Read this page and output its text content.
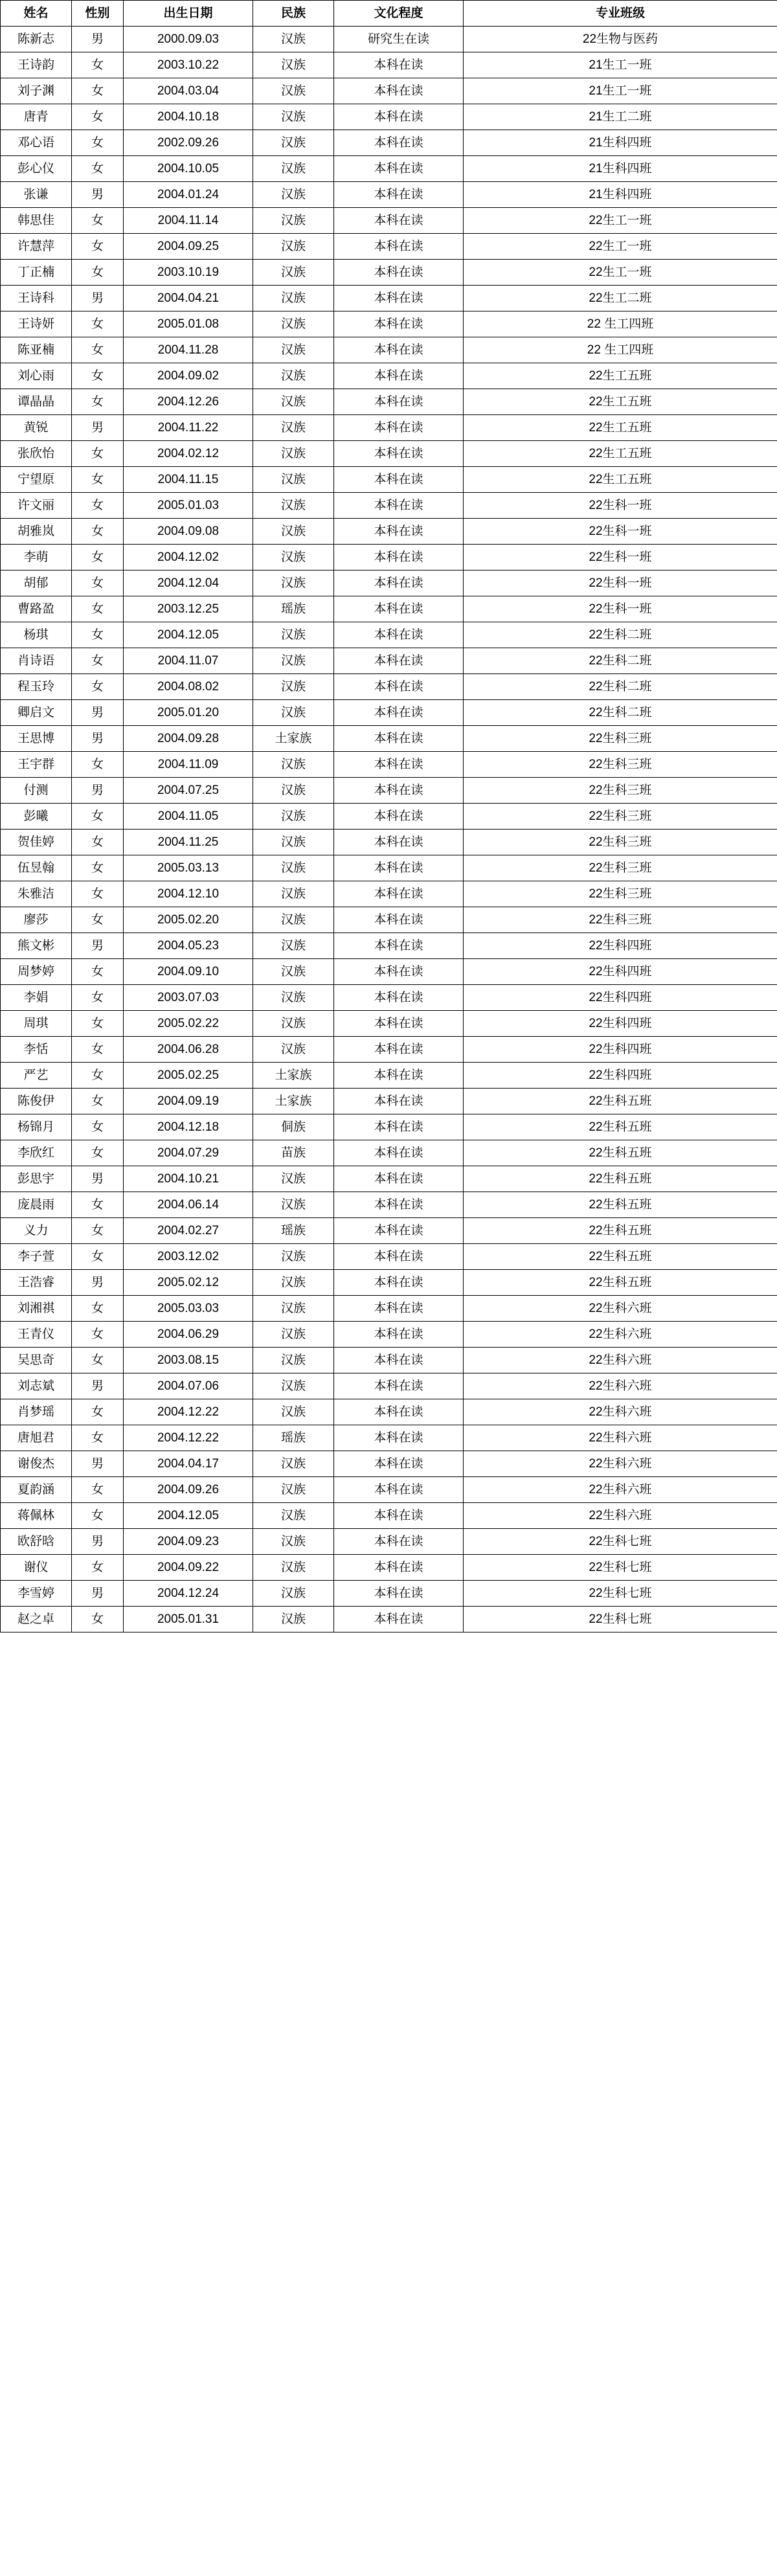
姓名	性别	出生日期	民族	文化程度	专业班级
陈新志	男	2000.09.03	汉族	研究生在读	22生物与医药
王诗韵	女	2003.10.22	汉族	本科在读	21生工一班
刘子渊	女	2004.03.04	汉族	本科在读	21生工一班
唐青	女	2004.10.18	汉族	本科在读	21生工二班
邓心语	女	2002.09.26	汉族	本科在读	21生科四班
彭心仪	女	2004.10.05	汉族	本科在读	21生科四班
张谦	男	2004.01.24	汉族	本科在读	21生科四班
韩思佳	女	2004.11.14	汉族	本科在读	22生工一班
许慧萍	女	2004.09.25	汉族	本科在读	22生工一班
丁正楠	女	2003.10.19	汉族	本科在读	22生工一班
王诗科	男	2004.04.21	汉族	本科在读	22生工二班
王诗妍	女	2005.01.08	汉族	本科在读	22 生工四班
陈亚楠	女	2004.11.28	汉族	本科在读	22 生工四班
刘心雨	女	2004.09.02	汉族	本科在读	22生工五班
谭晶晶	女	2004.12.26	汉族	本科在读	22生工五班
黄锐	男	2004.11.22	汉族	本科在读	22生工五班
张欣怡	女	2004.02.12	汉族	本科在读	22生工五班
宁望原	女	2004.11.15	汉族	本科在读	22生工五班
许文丽	女	2005.01.03	汉族	本科在读	22生科一班
胡雅岚	女	2004.09.08	汉族	本科在读	22生科一班
李萌	女	2004.12.02	汉族	本科在读	22生科一班
胡郁	女	2004.12.04	汉族	本科在读	22生科一班
曹路盈	女	2003.12.25	瑶族	本科在读	22生科一班
杨琪	女	2004.12.05	汉族	本科在读	22生科二班
肖诗语	女	2004.11.07	汉族	本科在读	22生科二班
程玉玲	女	2004.08.02	汉族	本科在读	22生科二班
卿启文	男	2005.01.20	汉族	本科在读	22生科二班
王思博	男	2004.09.28	土家族	本科在读	22生科三班
王宇群	女	2004.11.09	汉族	本科在读	22生科三班
付测	男	2004.07.25	汉族	本科在读	22生科三班
彭曦	女	2004.11.05	汉族	本科在读	22生科三班
贺佳婷	女	2004.11.25	汉族	本科在读	22生科三班
伍昱翰	女	2005.03.13	汉族	本科在读	22生科三班
朱雅洁	女	2004.12.10	汉族	本科在读	22生科三班
廖莎	女	2005.02.20	汉族	本科在读	22生科三班
熊文彬	男	2004.05.23	汉族	本科在读	22生科四班
周梦婷	女	2004.09.10	汉族	本科在读	22生科四班
李娟	女	2003.07.03	汉族	本科在读	22生科四班
周琪	女	2005.02.22	汉族	本科在读	22生科四班
李恬	女	2004.06.28	汉族	本科在读	22生科四班
严艺	女	2005.02.25	土家族	本科在读	22生科四班
陈俊伊	女	2004.09.19	土家族	本科在读	22生科五班
杨锦月	女	2004.12.18	侗族	本科在读	22生科五班
李欣红	女	2004.07.29	苗族	本科在读	22生科五班
彭思宇	男	2004.10.21	汉族	本科在读	22生科五班
庞晨雨	女	2004.06.14	汉族	本科在读	22生科五班
义力	女	2004.02.27	瑶族	本科在读	22生科五班
李子萱	女	2003.12.02	汉族	本科在读	22生科五班
王浩睿	男	2005.02.12	汉族	本科在读	22生科五班
刘湘祺	女	2005.03.03	汉族	本科在读	22生科六班
王青仪	女	2004.06.29	汉族	本科在读	22生科六班
吴思奇	女	2003.08.15	汉族	本科在读	22生科六班
刘志斌	男	2004.07.06	汉族	本科在读	22生科六班
肖梦瑶	女	2004.12.22	汉族	本科在读	22生科六班
唐旭君	女	2004.12.22	瑶族	本科在读	22生科六班
谢俊杰	男	2004.04.17	汉族	本科在读	22生科六班
夏韵涵	女	2004.09.26	汉族	本科在读	22生科六班
蒋佩林	女	2004.12.05	汉族	本科在读	22生科六班
欧舒晗	男	2004.09.23	汉族	本科在读	22生科七班
谢仪	女	2004.09.22	汉族	本科在读	22生科七班
李雪婷	男	2004.12.24	汉族	本科在读	22生科七班
赵之卓	女	2005.01.31	汉族	本科在读	22生科七班
